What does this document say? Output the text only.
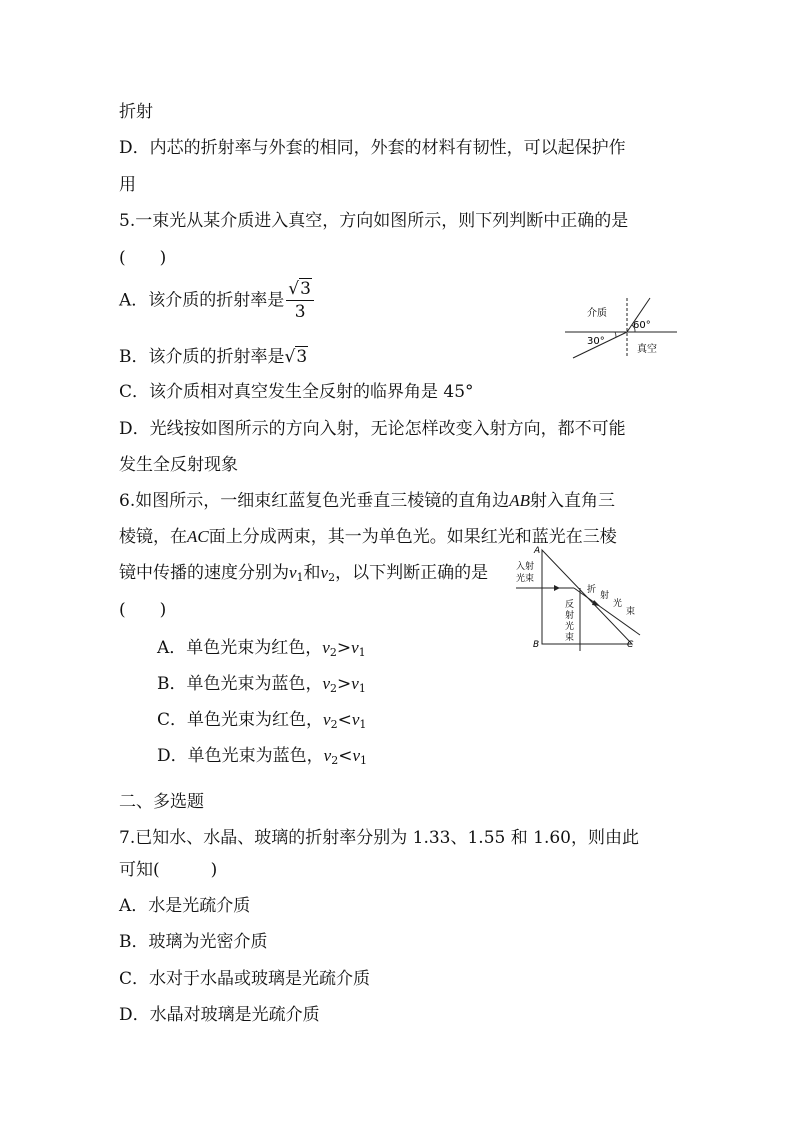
折射
D．内芯的折射率与外套的相同，外套的材料有韧性，可以起保护作
用
5.一束光从某介质进入真空，方向如图所示，则下列判断中正确的是
(　　)
A．该介质的折射率是 $\frac{√3}{3}$
B．该介质的折射率是√3
C．该介质相对真空发生全反射的临界角是 45°
D．光线按如图所示的方向入射，无论怎样改变入射方向，都不可能
发生全反射现象
介质
真空
30°
60°
6.如图所示，一细束红蓝复色光垂直三棱镜的直角边AB射入直角三
棱镜，在AC面上分成两束，其一为单色光。如果红光和蓝光在三棱
镜中传播的速度分别为$v_1$和$v_2$，以下判断正确的是
(　　)
A．单色光束为红色，$v_2>v_1$
B．单色光束为蓝色，$v_2>v_1$
C．单色光束为红色，$v_2<v_1$
D．单色光束为蓝色，$v_2<v_1$
A
B	C
入射
光束
折
射
光
束
反
射
光
束
二、多选题
7.已知水、水晶、玻璃的折射率分别为 1.33、1.55 和 1.60，则由此
可知(　　　)
A．水是光疏介质
B．玻璃为光密介质
C．水对于水晶或玻璃是光疏介质
D．水晶对玻璃是光疏介质
